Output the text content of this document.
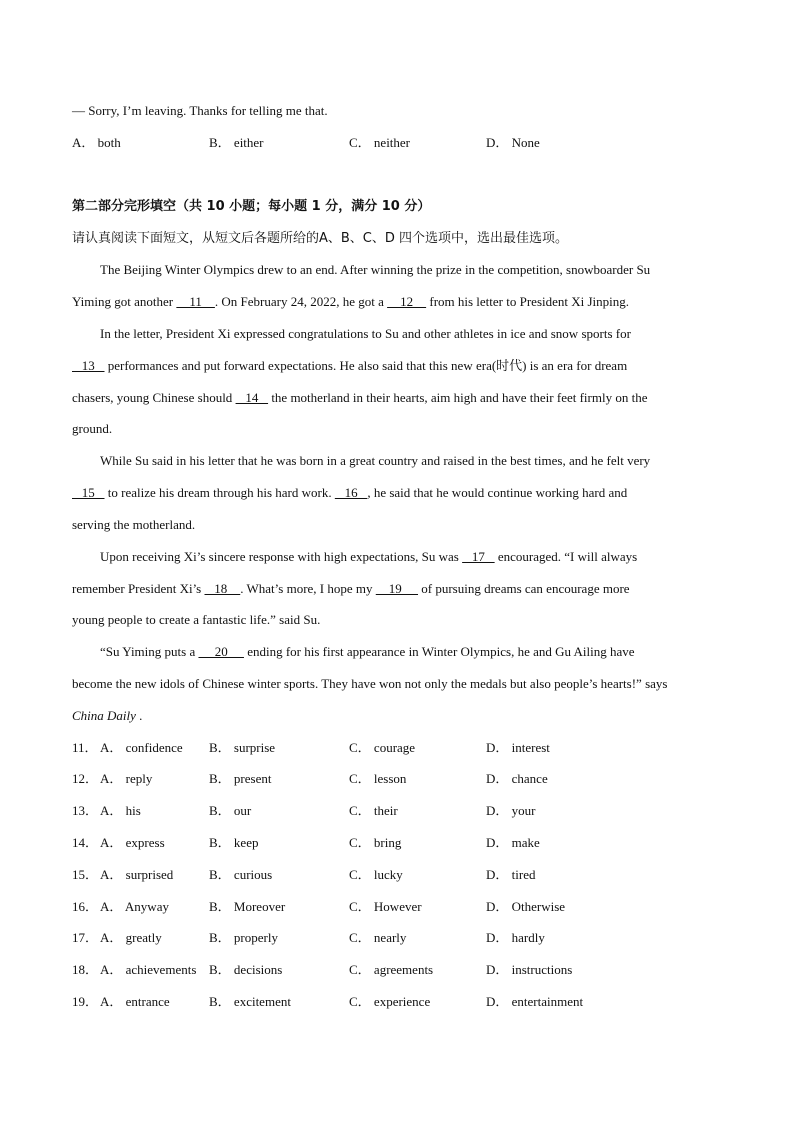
— Sorry, I’m leaving. Thanks for telling me that.
A． both	B． either	C． neither	D． None
第二部分完形填空（共 10 小题；每小题 1 分，满分 10 分）
请认真阅读下面短文，从短文后各题所给的A、B、C、D 四个选项中，选出最佳选项。
The Beijing Winter Olympics drew to an end. After winning the prize in the competition, snowboarder Su
Yiming got another     11    . On February 24, 2022, he got a     12     from his letter to President Xi Jinping.
In the letter, President Xi expressed congratulations to Su and other athletes in ice and snow sports for
13    performances and put forward expectations. He also said that this new era(时代) is an era for dream
chasers, young Chinese should    14    the motherland in their hearts, aim high and have their feet firmly on the
ground.
While Su said in his letter that he was born in a great country and raised in the best times, and he felt very
15    to realize his dream through his hard work.    16   , he said that he would continue working hard and
serving the motherland.
Upon receiving Xi’s sincere response with high expectations, Su was    17    encouraged. “I will always
remember President Xi’s    18    . What’s more, I hope my     19      of pursuing dreams can encourage more
young people to create a fantastic life.” said Su.
“Su Yiming puts a      20      ending for his first appearance in Winter Olympics, he and Gu Ailing have
become the new idols of Chinese winter sports. They have won not only the medals but also people’s hearts!” says
China Daily .
11． A． confidence B． surprise	C． courage	D． interest
12． A． reply	B． present	C． lesson	D． chance
13． A． his	B． our	C． their	D． your
14． A． express	B． keep	C． bring	D． make
15． A． surprised	B． curious	C． lucky	D． tired
16． A． Anyway	B． Moreover	C． However	D． Otherwise
17． A． greatly	B． properly	C． nearly	D． hardly
18． A． achievements B． decisions	C． agreements	D． instructions
19． A． entrance	B． excitement	C． experience	D． entertainment
